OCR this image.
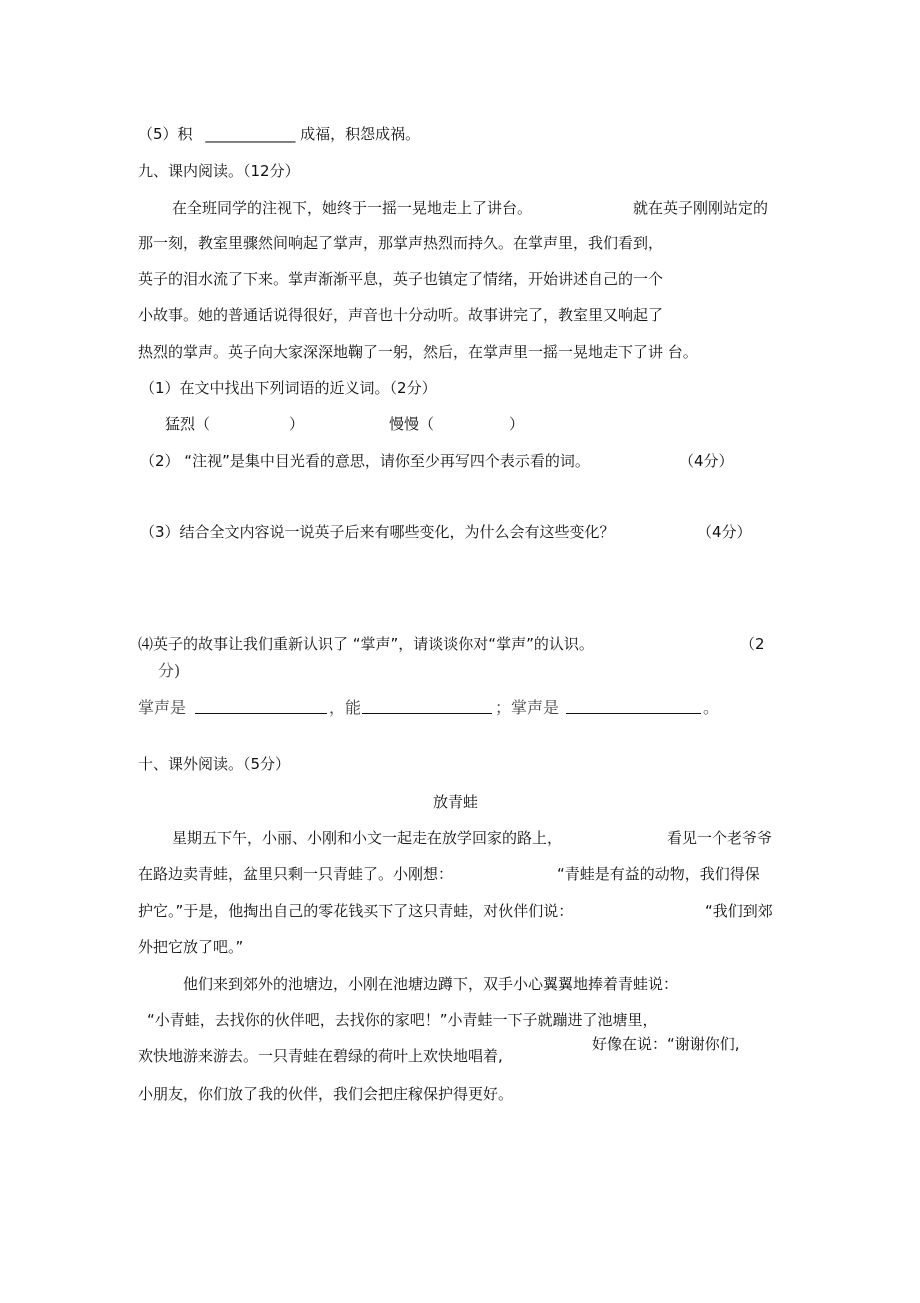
（5）积 ____________ 成福，积怨成祸。
九、课内阅读。（12分）
在全班同学的注视下，她终于一摇一晃地走上了讲台。	就在英子刚刚站定的
那一刻，教室里骤然间响起了掌声，那掌声热烈而持久。在掌声里，我们看到，
英子的泪水流了下来。掌声渐渐平息，英子也镇定了情绪，开始讲述自己的一个
小故事。她的普通话说得很好，声音也十分动听。故事讲完了，教室里又响起了
热烈的掌声。英子向大家深深地鞠了一躬，然后，在掌声里一摇一晃地走下了讲 台。
（1）在文中找出下列词语的近义词。（2分）
猛烈（	）	慢慢（	）
（2） “注视”是集中目光看的意思，请你至少再写四个表示看的词。	（4分）
（3）结合全文内容说一说英子后来有哪些变化，为什么会有这些变化？	（4分）
⑷英子的故事让我们重新认识了 “掌声”，请谈谈你对“掌声”的认识。	（2
分)
掌声是	，能	；掌声是	。
十、课外阅读。（5分）
放青蛙
星期五下午，小丽、小刚和小文一起走在放学回家的路上，	看见一个老爷爷
在路边卖青蛙，盆里只剩一只青蛙了。小刚想：	“青蛙是有益的动物，我们得保
护它。”于是，他掏出自己的零花钱买下了这只青蛙，对伙伴们说：	“我们到郊
外把它放了吧。”
他们来到郊外的池塘边，小刚在池塘边蹲下，双手小心翼翼地捧着青蛙说：
“小青蛙，去找你的伙伴吧，去找你的家吧！”小青蛙一下子就蹦进了池塘里，
欢快地游来游去。一只青蛙在碧绿的荷叶上欢快地唱着,
好像在说：“谢谢你们,
小朋友，你们放了我的伙伴，我们会把庄稼保护得更好。
